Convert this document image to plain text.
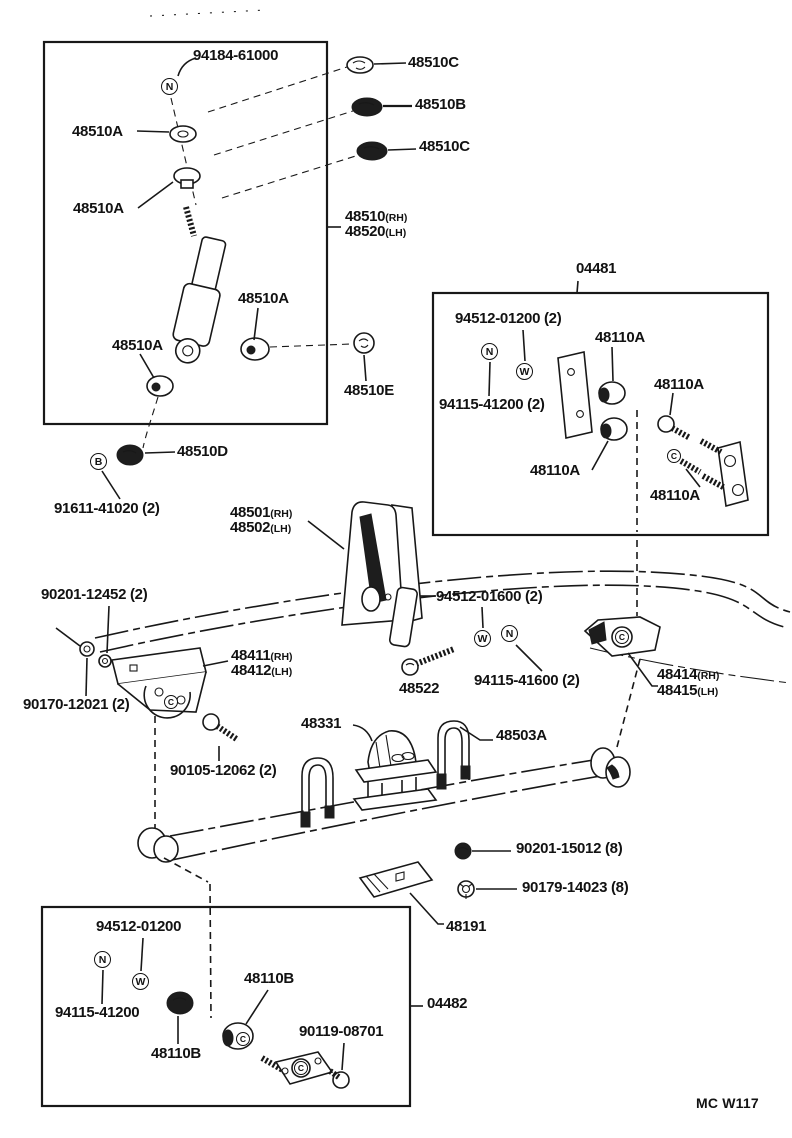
94184-61000	48510C
48510B
48510C
48510A
48510A	48510(RH)
48520(LH)
48510A
48510A
48510E
48510D
91611-41020 (2)
04481
94512-01200 (2)
48110A
48110A
94115-41200 (2)
48110A
48110A
48501(RH)
48502(LH)
90201-12452 (2)	94512-01600 (2)
48411(RH)
48412(LH)
48522 94115-41600 (2)	48414(RH)
48415(LH)
90170-12021 (2)
90105-12062 (2)
48331
48503A
90201-15012 (8)
90179-14023 (8)
48191
94512-01200
94115-41200
48110B
48110B
90119-08701
04482
MC W117
N
B
N
W
W	N
C
C
C
N
W
C
C
